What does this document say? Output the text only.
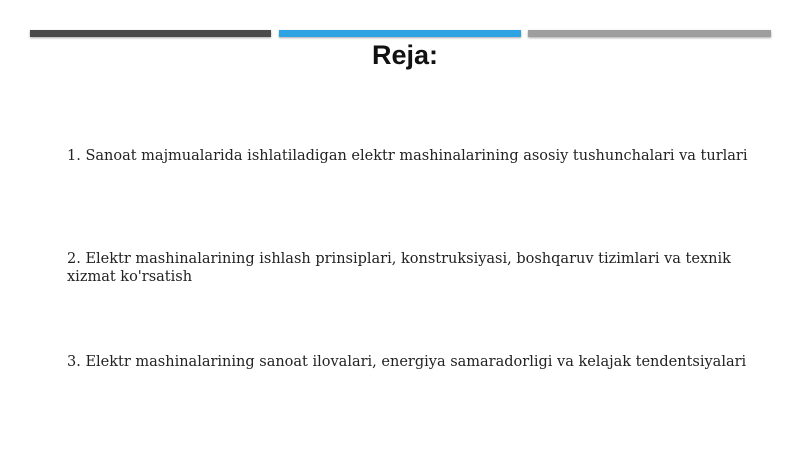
Reja:

1. Sanoat majmualarida ishlatiladigan elektr mashinalarining asosiy tushunchalari va turlari

2. Elektr mashinalarining ishlash prinsiplari, konstruksiyasi, boshqaruv tizimlari va texnik xizmat ko'rsatish

3. Elektr mashinalarining sanoat ilovalari, energiya samaradorligi va kelajak tendentsiyalari
